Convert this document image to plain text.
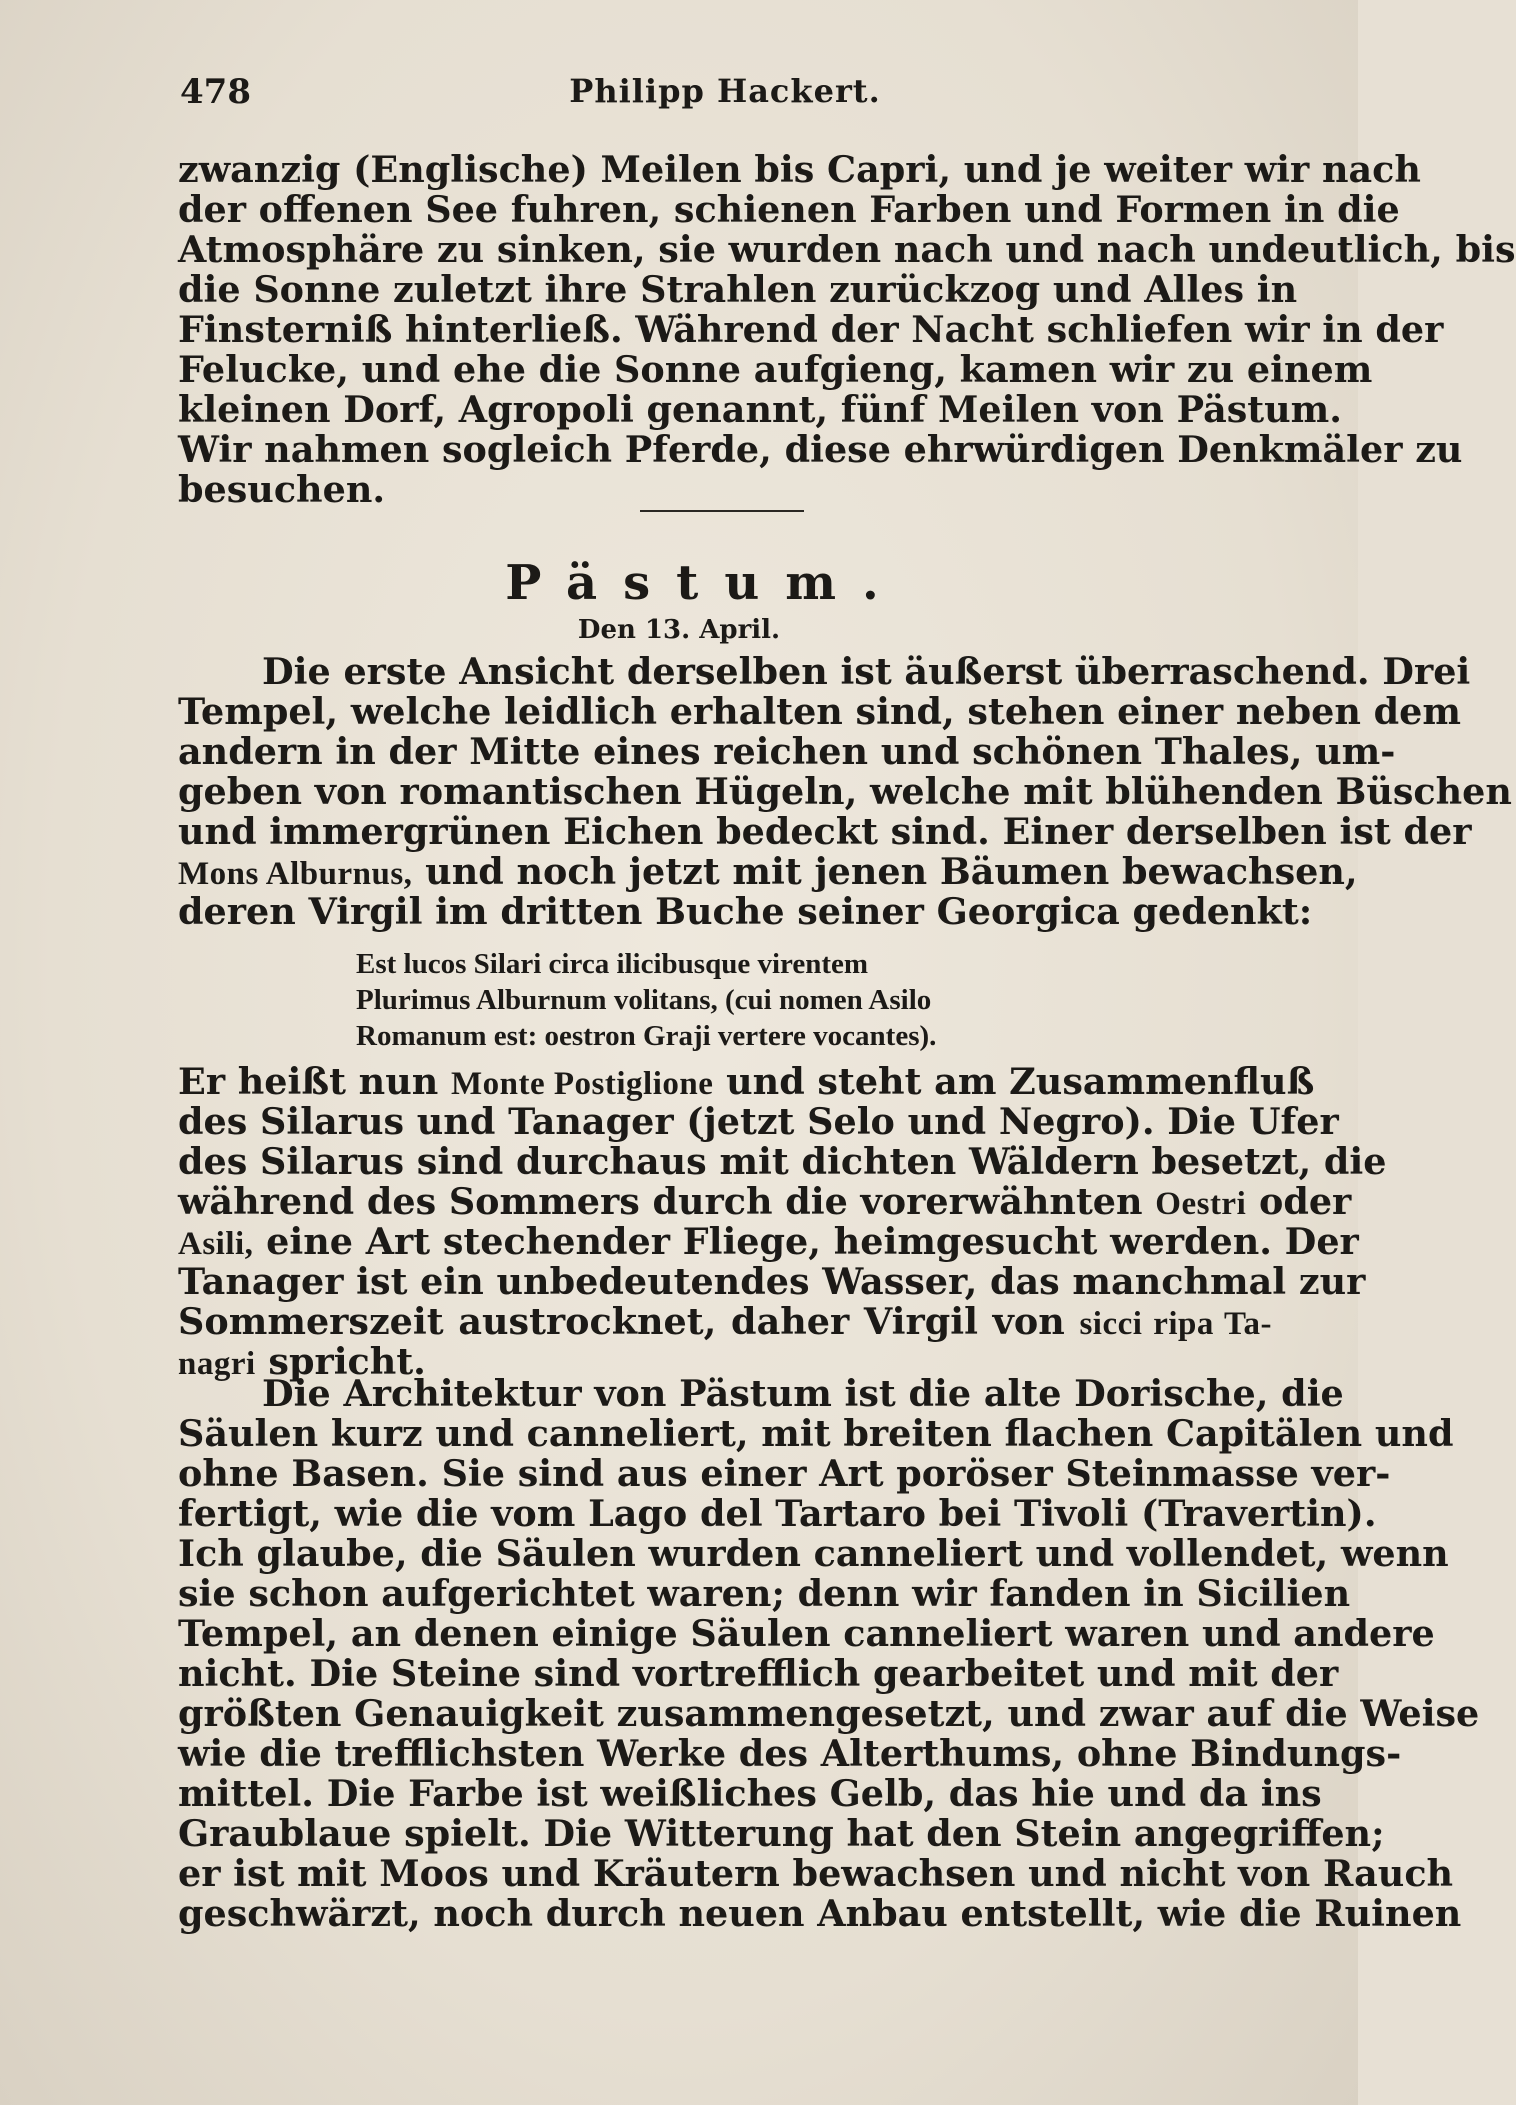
478	Philipp Hackert.
zwanzig (Englische) Meilen bis Capri, und je weiter wir nach
der offenen See fuhren, schienen Farben und Formen in die
Atmosphäre zu sinken, sie wurden nach und nach undeutlich, bis
die Sonne zuletzt ihre Strahlen zurückzog und Alles in
Finsterniß hinterließ. Während der Nacht schliefen wir in der
Felucke, und ehe die Sonne aufgieng, kamen wir zu einem
kleinen Dorf, Agropoli genannt, fünf Meilen von Pästum.
Wir nahmen sogleich Pferde, diese ehrwürdigen Denkmäler zu
besuchen.
Pästum.
Den 13. April.
Die erste Ansicht derselben ist äußerst überraschend. Drei
Tempel, welche leidlich erhalten sind, stehen einer neben dem
andern in der Mitte eines reichen und schönen Thales, um-
geben von romantischen Hügeln, welche mit blühenden Büschen
und immergrünen Eichen bedeckt sind. Einer derselben ist der
Mons Alburnus, und noch jetzt mit jenen Bäumen bewachsen,
deren Virgil im dritten Buche seiner Georgica gedenkt:
Est lucos Silari circa ilicibusque virentem
Plurimus Alburnum volitans, (cui nomen Asilo
Romanum est: oestron Graji vertere vocantes).
Er heißt nun Monte Postiglione und steht am Zusammenfluß
des Silarus und Tanager (jetzt Selo und Negro). Die Ufer
des Silarus sind durchaus mit dichten Wäldern besetzt, die
während des Sommers durch die vorerwähnten Oestri oder
Asili, eine Art stechender Fliege, heimgesucht werden. Der
Tanager ist ein unbedeutendes Wasser, das manchmal zur
Sommerszeit austrocknet, daher Virgil von sicci ripa Ta-
nagri spricht.
Die Architektur von Pästum ist die alte Dorische, die
Säulen kurz und canneliert, mit breiten flachen Capitälen und
ohne Basen. Sie sind aus einer Art poröser Steinmasse ver-
fertigt, wie die vom Lago del Tartaro bei Tivoli (Travertin).
Ich glaube, die Säulen wurden canneliert und vollendet, wenn
sie schon aufgerichtet waren; denn wir fanden in Sicilien
Tempel, an denen einige Säulen canneliert waren und andere
nicht. Die Steine sind vortrefflich gearbeitet und mit der
größten Genauigkeit zusammengesetzt, und zwar auf die Weise
wie die trefflichsten Werke des Alterthums, ohne Bindungs-
mittel. Die Farbe ist weißliches Gelb, das hie und da ins
Graublaue spielt. Die Witterung hat den Stein angegriffen;
er ist mit Moos und Kräutern bewachsen und nicht von Rauch
geschwärzt, noch durch neuen Anbau entstellt, wie die Ruinen
